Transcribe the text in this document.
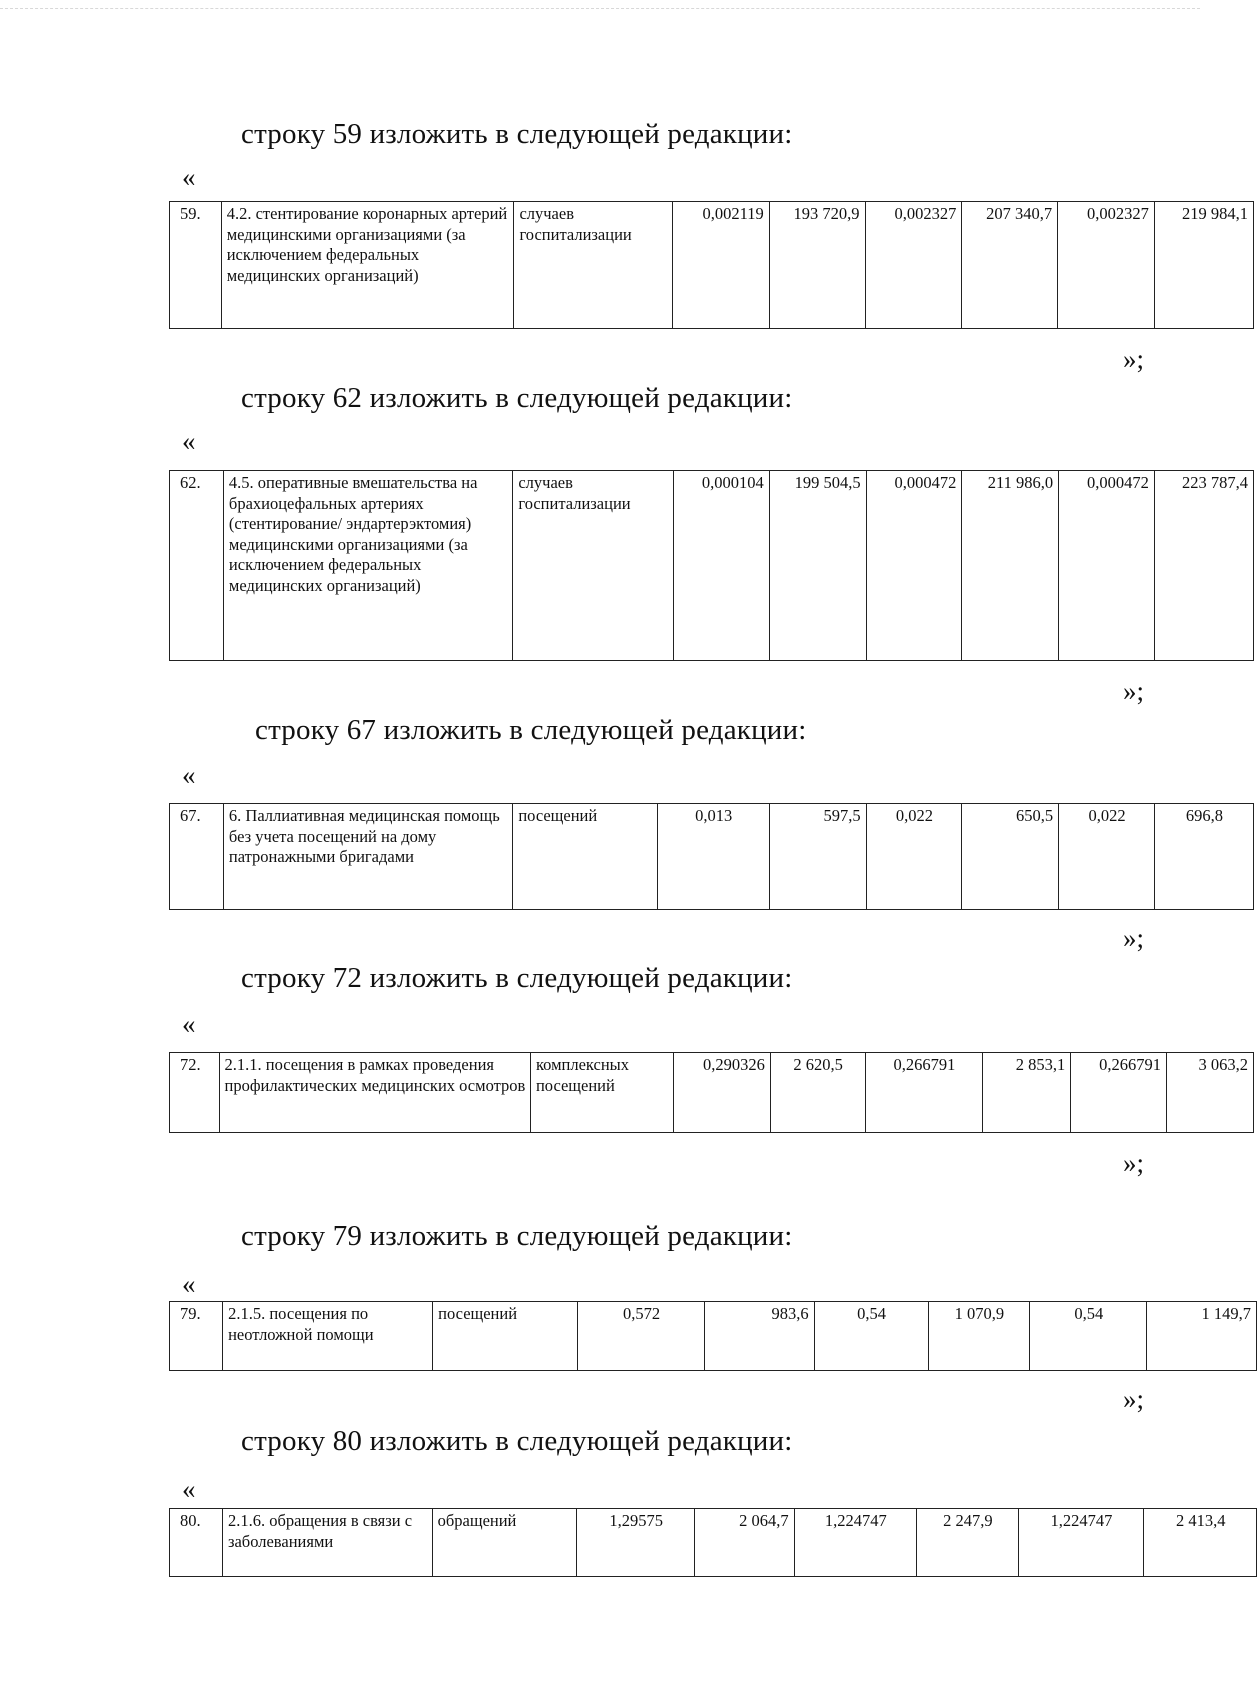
строку 59 изложить в следующей редакции:
«
59.	4.2. стентирование коронарных артерий медицинскими организациями (за исключением федеральных медицинских организаций)	случаев госпитализации	0,002119	193 720,9	0,002327	207 340,7	0,002327	219 984,1
»;
строку 62 изложить в следующей редакции:
«
62.	4.5. оперативные вмешательства на брахиоцефальных артериях (стентирование/ эндартерэктомия) медицинскими организациями (за исключением федеральных медицинских организаций)	случаев госпитализации	0,000104	199 504,5	0,000472	211 986,0	0,000472	223 787,4
»;
строку 67 изложить в следующей редакции:
«
67.	6. Паллиативная медицинская помощь без учета посещений на дому патронажными бригадами	посещений	0,013	597,5	0,022	650,5	0,022	696,8
»;
строку 72 изложить в следующей редакции:
«
72.	2.1.1. посещения в рамках проведения профилактических медицинских осмотров	комплексных посещений	0,290326	2 620,5	0,266791	2 853,1	0,266791	3 063,2
»;
строку 79 изложить в следующей редакции:
«
79.	2.1.5. посещения по неотложной помощи	посещений	0,572	983,6	0,54	1 070,9	0,54	1 149,7
»;
строку 80 изложить в следующей редакции:
«
80.	2.1.6. обращения в связи с заболеваниями	обращений	1,29575	2 064,7	1,224747	2 247,9	1,224747	2 413,4
